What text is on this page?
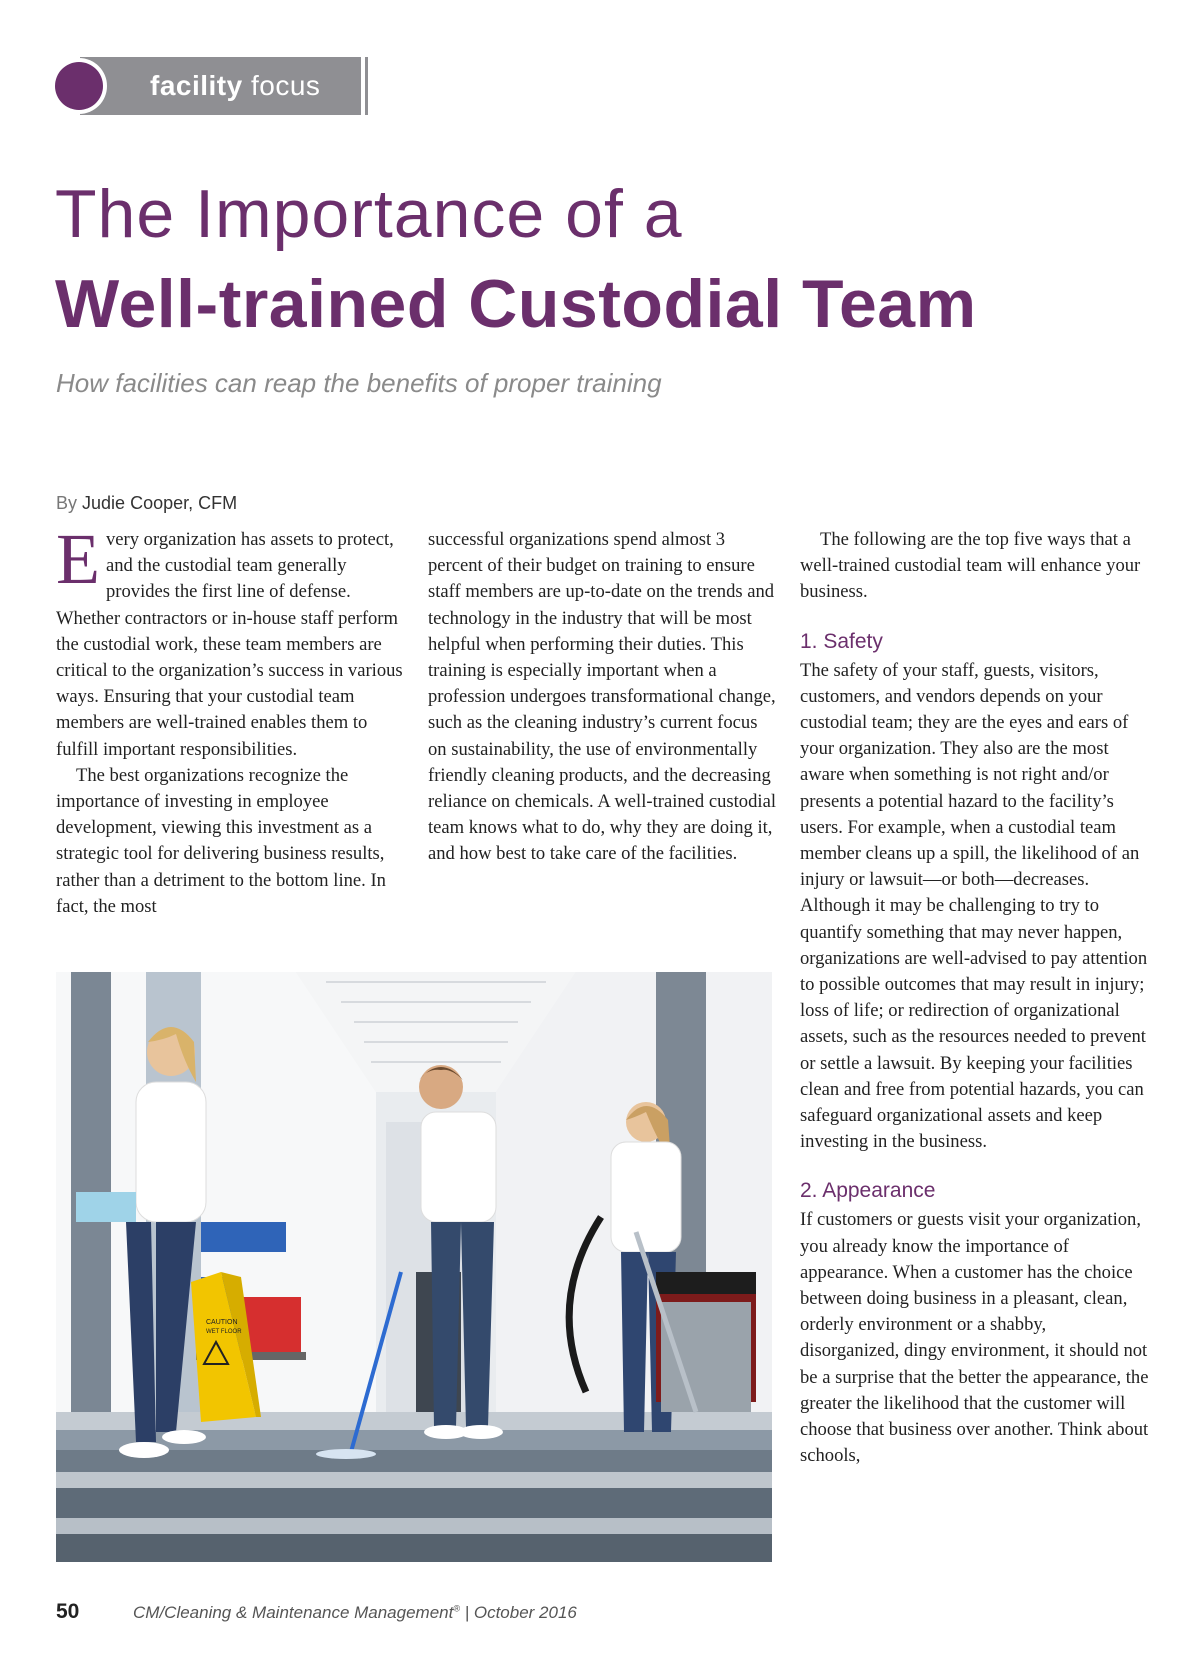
facility focus
The Importance of a
Well-trained Custodial Team
How facilities can reap the benefits of proper training
By Judie Cooper, CFM

Every organization has assets to protect, and the custodial team generally provides the first line of defense. Whether contractors or in-house staff perform the custodial work, these team members are critical to the organization’s success in various ways. Ensuring that your custodial team members are well-trained enables them to fulfill important responsibilities.

The best organizations recognize the importance of investing in employee development, viewing this investment as a strategic tool for delivering business results, rather than a detriment to the bottom line. In fact, the most

successful organizations spend almost 3 percent of their budget on training to ensure staff members are up-to-date on the trends and technology in the industry that will be most helpful when performing their duties. This training is especially important when a profession undergoes transformational change, such as the cleaning industry’s current focus on sustainability, the use of environmentally friendly cleaning products, and the decreasing reliance on chemicals. A well-trained custodial team knows what to do, why they are doing it, and how best to take care of the facilities.

The following are the top five ways that a well-trained custodial team will enhance your business.

1. Safety

The safety of your staff, guests, visitors, customers, and vendors depends on your custodial team; they are the eyes and ears of your organization. They also are the most aware when something is not right and/or presents a potential hazard to the facility’s users. For example, when a custodial team member cleans up a spill, the likelihood of an injury or lawsuit—or both—decreases. Although it may be challenging to try to quantify something that may never happen, organizations are well-advised to pay attention to possible outcomes that may result in injury; loss of life; or redirection of organizational assets, such as the resources needed to prevent or settle a lawsuit. By keeping your facilities clean and free from potential hazards, you can safeguard organizational assets and keep investing in the business.

2. Appearance

If customers or guests visit your organization, you already know the importance of appearance. When a customer has the choice between doing business in a pleasant, clean, orderly environment or a shabby, disorganized, dingy environment, it should not be a surprise that the better the appearance, the greater the likelihood that the customer will choose that business over another. Think about schools,

CAUTION
WET FLOOR
50	CM/Cleaning & Maintenance Management® | October 2016
